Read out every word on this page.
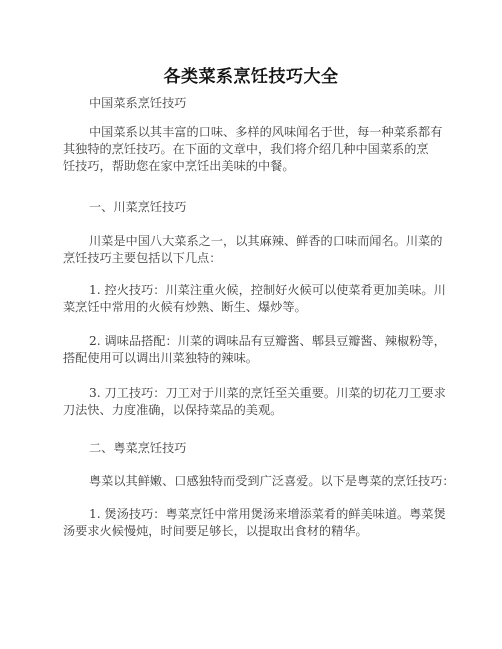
各类菜系烹饪技巧大全
中国菜系烹饪技巧
中国菜系以其丰富的口味、多样的风味闻名于世，每一种菜系都有
其独特的烹饪技巧。在下面的文章中，我们将介绍几种中国菜系的烹
饪技巧，帮助您在家中烹饪出美味的中餐。
一、川菜烹饪技巧
川菜是中国八大菜系之一，以其麻辣、鲜香的口味而闻名。川菜的
烹饪技巧主要包括以下几点：
1. 控火技巧：川菜注重火候，控制好火候可以使菜肴更加美味。川
菜烹饪中常用的火候有炒熟、断生、爆炒等。
2. 调味品搭配：川菜的调味品有豆瓣酱、郫县豆瓣酱、辣椒粉等，
搭配使用可以调出川菜独特的辣味。
3. 刀工技巧：刀工对于川菜的烹饪至关重要。川菜的切花刀工要求
刀法快、力度准确，以保持菜品的美观。
二、粤菜烹饪技巧
粤菜以其鲜嫩、口感独特而受到广泛喜爱。以下是粤菜的烹饪技巧：
1. 煲汤技巧：粤菜烹饪中常用煲汤来增添菜肴的鲜美味道。粤菜煲
汤要求火候慢炖，时间要足够长，以提取出食材的精华。
